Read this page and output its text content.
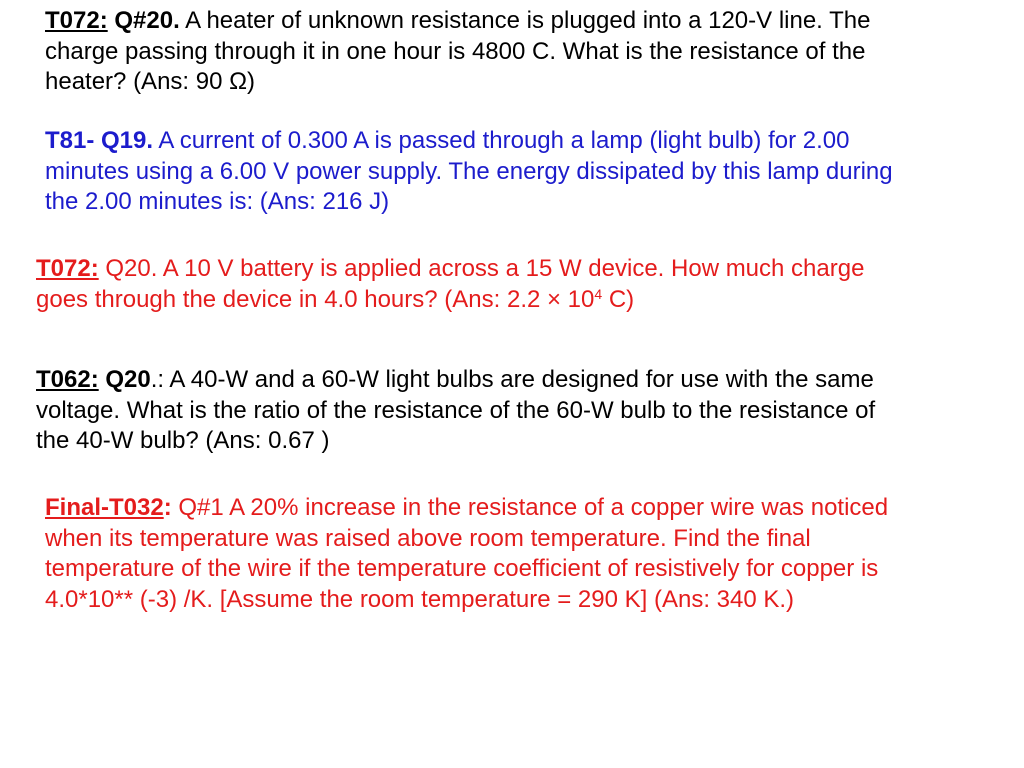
T072: Q#20. A heater of unknown resistance is plugged into a 120-V line. The
charge passing through it in one hour is 4800 C. What is the resistance of the
heater? (Ans: 90 Ω)
T81- Q19. A current of 0.300 A is passed through a lamp (light bulb) for 2.00
minutes using a 6.00 V power supply. The energy dissipated by this lamp during
the 2.00 minutes is: (Ans: 216 J)
T072: Q20. A 10 V battery is applied across a 15 W device. How much charge
goes through the device in 4.0 hours? (Ans: $2.2 \times 10^4$ C)
T062: Q20.: A 40-W and a 60-W light bulbs are designed for use with the same
voltage. What is the ratio of the resistance of the 60-W bulb to the resistance of
the 40-W bulb? (Ans: 0.67 )
Final-T032: Q#1 A 20% increase in the resistance of a copper wire was noticed
when its temperature was raised above room temperature. Find the final
temperature of the wire if the temperature coefficient of resistively for copper is
4.0*10** (-3) /K. [Assume the room temperature = 290 K] (Ans: 340 K.)
